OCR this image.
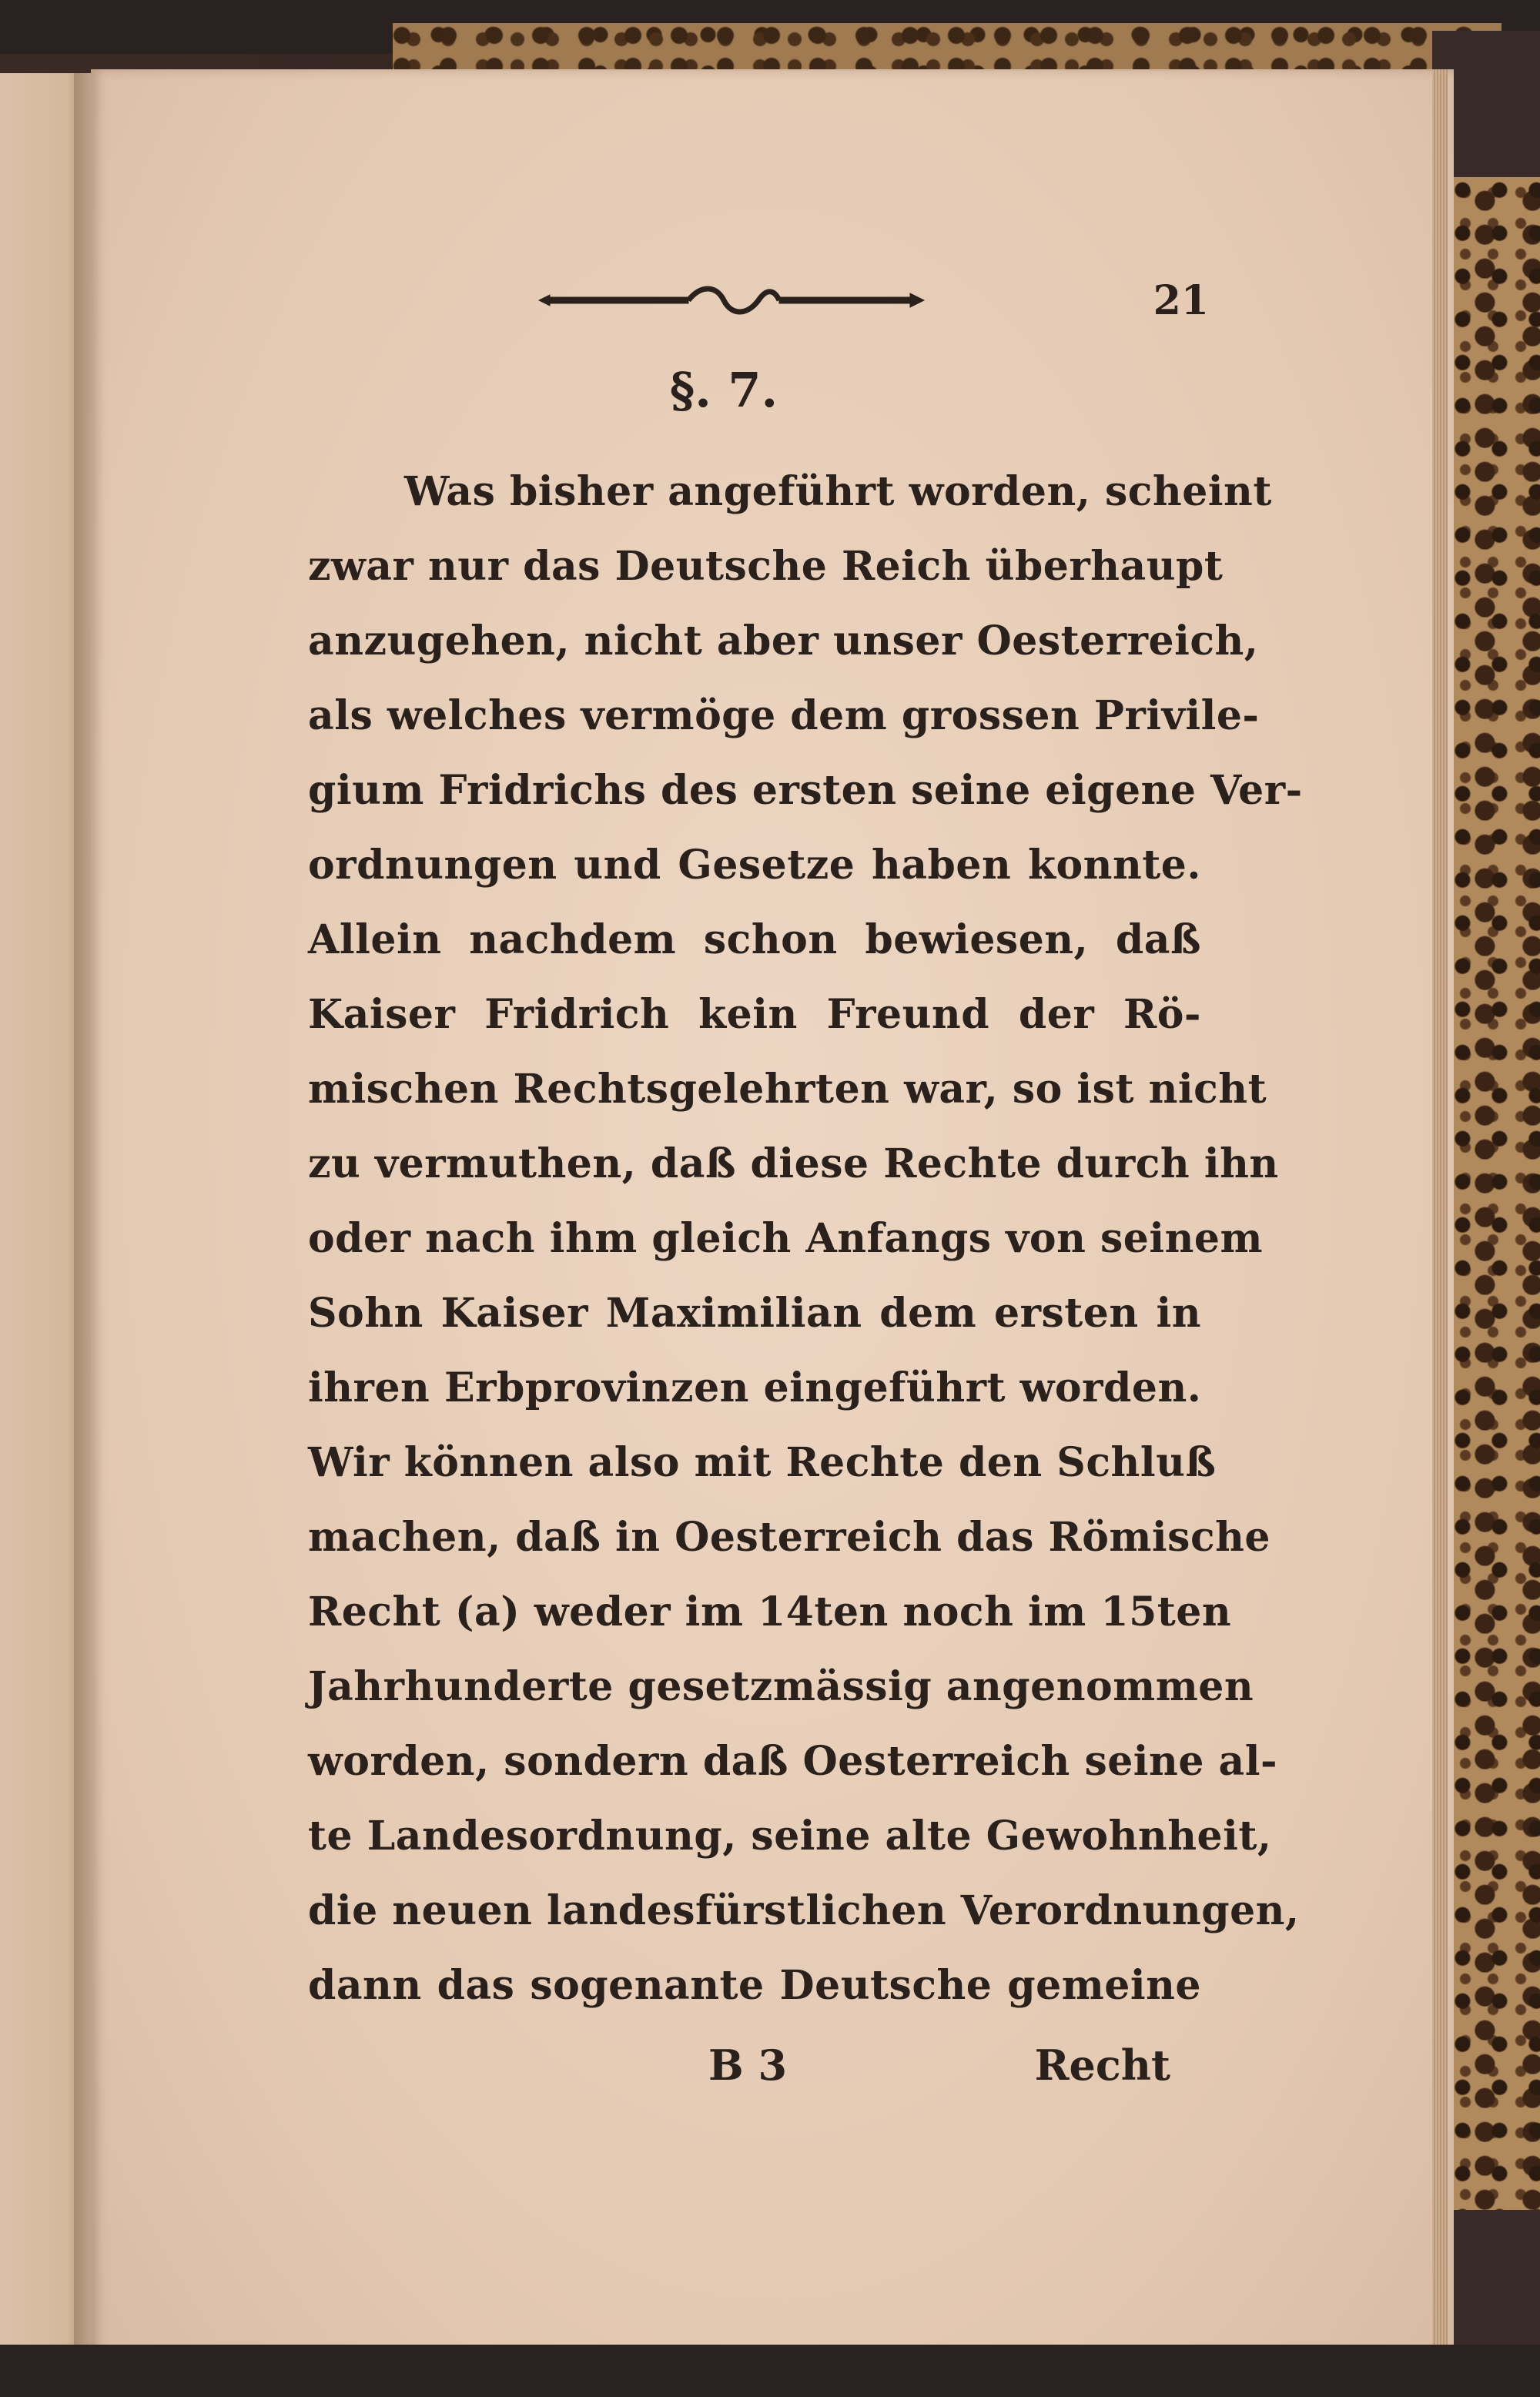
21
§. 7.
Was bisher angeführt worden, scheint
zwar nur das Deutsche Reich überhaupt
anzugehen, nicht aber unser Oesterreich,
als welches vermöge dem grossen Privile-
gium Fridrichs des ersten seine eigene Ver-
ordnungen und Gesetze haben konnte.
Allein nachdem schon bewiesen, daß
Kaiser Fridrich kein Freund der Rö-
mischen Rechtsgelehrten war, so ist nicht
zu vermuthen, daß diese Rechte durch ihn
oder nach ihm gleich Anfangs von seinem
Sohn Kaiser Maximilian dem ersten in
ihren Erbprovinzen eingeführt worden.
Wir können also mit Rechte den Schluß
machen, daß in Oesterreich das Römische
Recht (a) weder im 14ten noch im 15ten
Jahrhunderte gesetzmässig angenommen
worden, sondern daß Oesterreich seine al-
te Landesordnung, seine alte Gewohnheit,
die neuen landesfürstlichen Verordnungen,
dann das sogenante Deutsche gemeine
B 3	Recht
